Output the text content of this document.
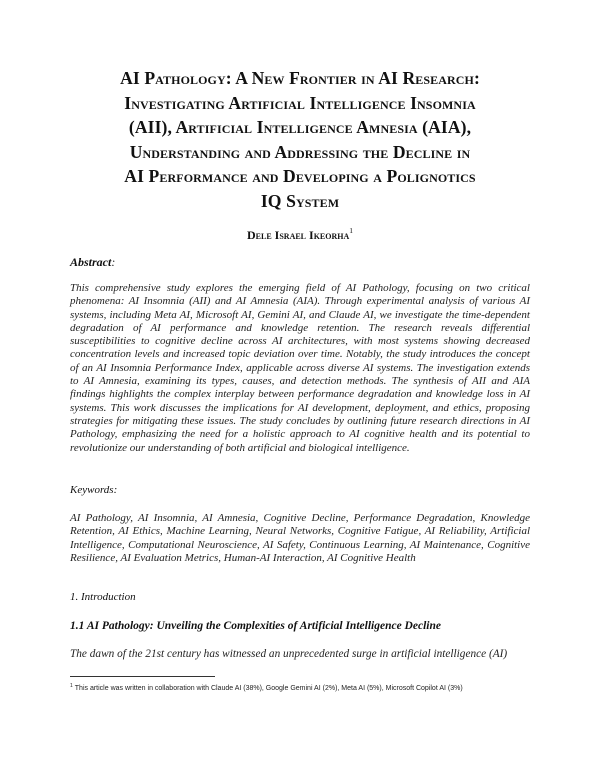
AI Pathology: A New Frontier in AI Research:
Investigating Artificial Intelligence Insomnia
(AII), Artificial Intelligence Amnesia (AIA),
Understanding and Addressing the Decline in
AI Performance and Developing a Polignotics
IQ System
Dele Israel Ikeorha$^1$
Abstract:
This comprehensive study explores the emerging field of AI Pathology, focusing on two critical phenomena: AI Insomnia (AII) and AI Amnesia (AIA). Through experimental analysis of various AI systems, including Meta AI, Microsoft AI, Gemini AI, and Claude AI, we investigate the time-dependent degradation of AI performance and knowledge retention. The research reveals differential susceptibilities to cognitive decline across AI architectures, with most systems showing decreased concentration levels and increased topic deviation over time. Notably, the study introduces the concept of an AI Insomnia Performance Index, applicable across diverse AI systems. The investigation extends to AI Amnesia, examining its types, causes, and detection methods. The synthesis of AII and AIA findings highlights the complex interplay between performance degradation and knowledge loss in AI systems. This work discusses the implications for AI development, deployment, and ethics, proposing strategies for mitigating these issues. The study concludes by outlining future research directions in AI Pathology, emphasizing the need for a holistic approach to AI cognitive health and its potential to revolutionize our understanding of both artificial and biological intelligence.
Keywords:
AI Pathology, AI Insomnia, AI Amnesia, Cognitive Decline, Performance Degradation, Knowledge Retention, AI Ethics, Machine Learning, Neural Networks, Cognitive Fatigue, AI Reliability, Artificial Intelligence, Computational Neuroscience, AI Safety, Continuous Learning, AI Maintenance, Cognitive Resilience, AI Evaluation Metrics, Human-AI Interaction, AI Cognitive Health
1. Introduction
1.1 AI Pathology: Unveiling the Complexities of Artificial Intelligence Decline
The dawn of the 21st century has witnessed an unprecedented surge in artificial intelligence (AI)
$^1$ This article was written in collaboration with Claude AI (38%), Google Gemini AI (2%), Meta AI (5%), Microsoft Copilot AI (3%)
